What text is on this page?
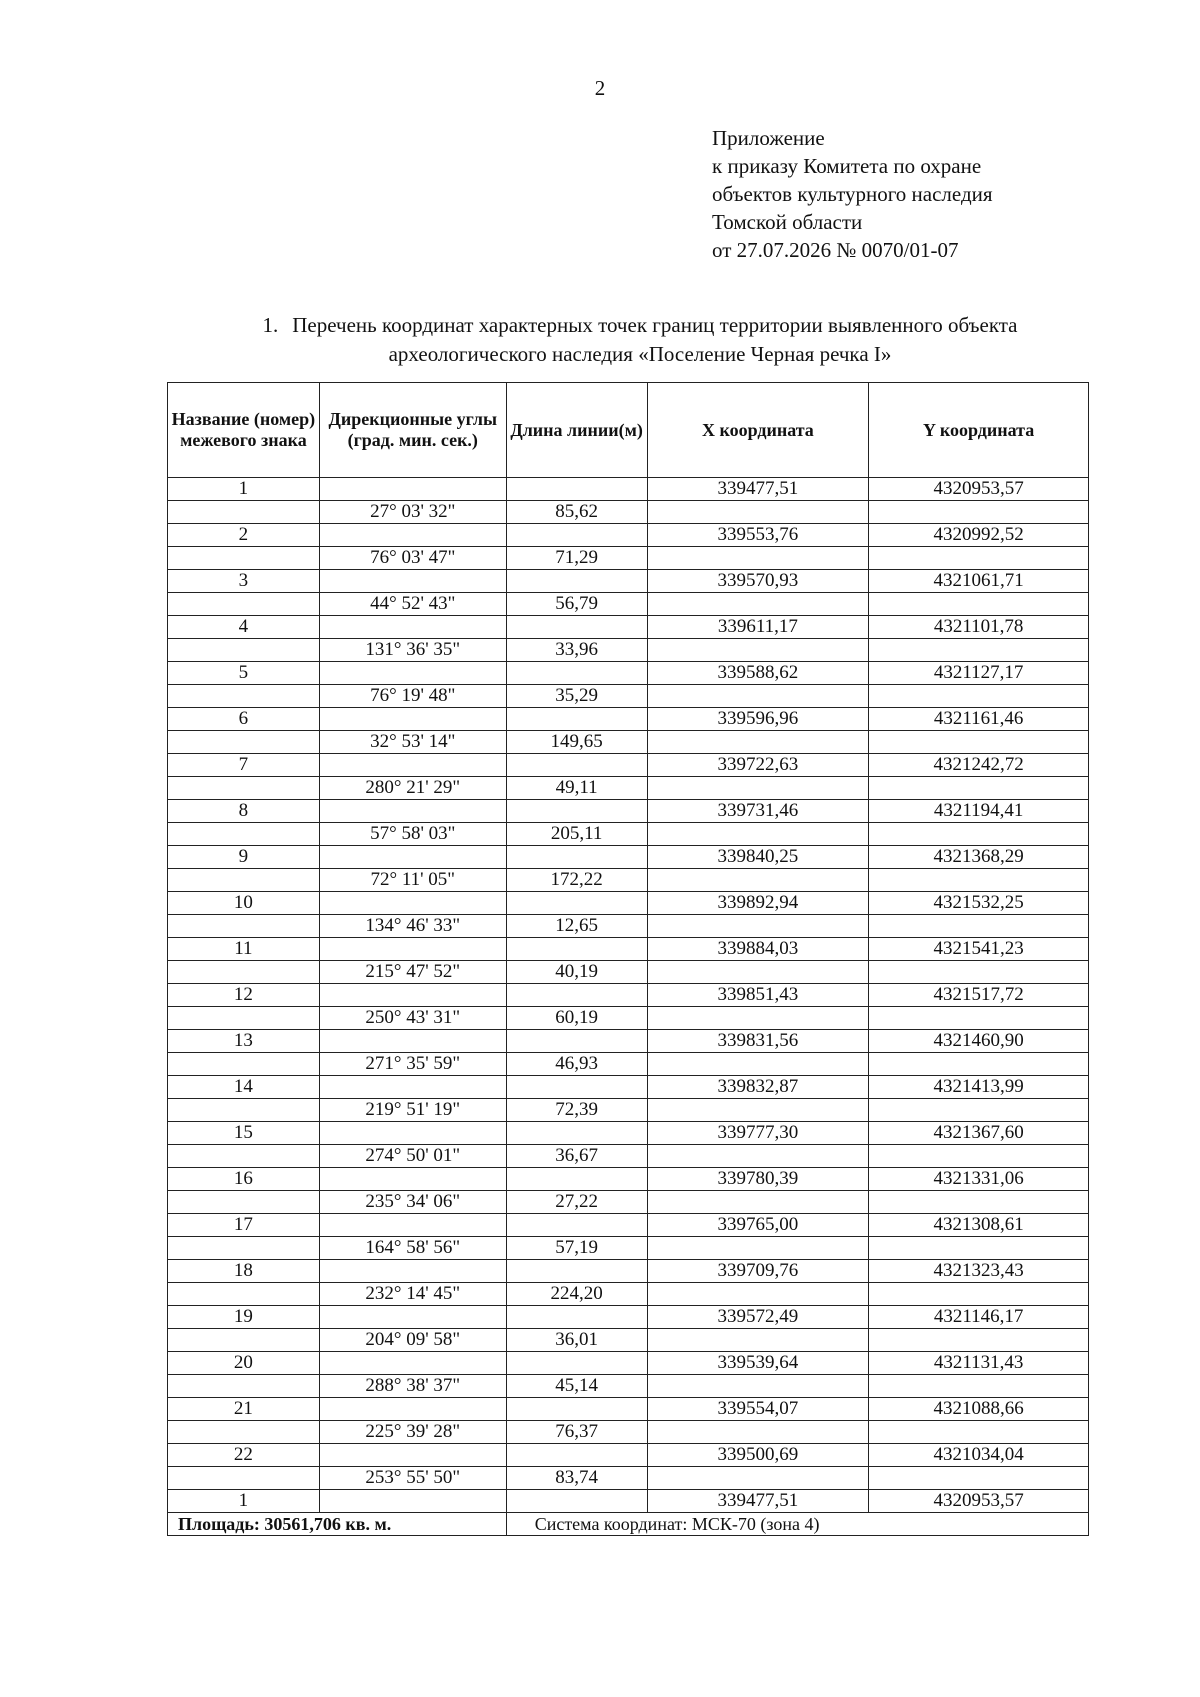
2
Приложение
к приказу Комитета по охране
объектов культурного наследия
Томской области
от 27.07.2026 № 0070/01-07
1. Перечень координат характерных точек границ территории выявленного объекта
археологического наследия «Поселение Черная речка I»
Название (номер) межевого знака	Дирекционные углы (град. мин. сек.)	Длина линии(м)	X координата	Y координата
1			339477,51	4320953,57
	27° 03' 32"	85,62		
2			339553,76	4320992,52
	76° 03' 47"	71,29		
3			339570,93	4321061,71
	44° 52' 43"	56,79		
4			339611,17	4321101,78
	131° 36' 35"	33,96		
5			339588,62	4321127,17
	76° 19' 48"	35,29		
6			339596,96	4321161,46
	32° 53' 14"	149,65		
7			339722,63	4321242,72
	280° 21' 29"	49,11		
8			339731,46	4321194,41
	57° 58' 03"	205,11		
9			339840,25	4321368,29
	72° 11' 05"	172,22		
10			339892,94	4321532,25
	134° 46' 33"	12,65		
11			339884,03	4321541,23
	215° 47' 52"	40,19		
12			339851,43	4321517,72
	250° 43' 31"	60,19		
13			339831,56	4321460,90
	271° 35' 59"	46,93		
14			339832,87	4321413,99
	219° 51' 19"	72,39		
15			339777,30	4321367,60
	274° 50' 01"	36,67		
16			339780,39	4321331,06
	235° 34' 06"	27,22		
17			339765,00	4321308,61
	164° 58' 56"	57,19		
18			339709,76	4321323,43
	232° 14' 45"	224,20		
19			339572,49	4321146,17
	204° 09' 58"	36,01		
20			339539,64	4321131,43
	288° 38' 37"	45,14		
21			339554,07	4321088,66
	225° 39' 28"	76,37		
22			339500,69	4321034,04
	253° 55' 50"	83,74		
1			339477,51	4320953,57
Площадь: 30561,706 кв. м.		Система координат: МСК-70 (зона 4)		
